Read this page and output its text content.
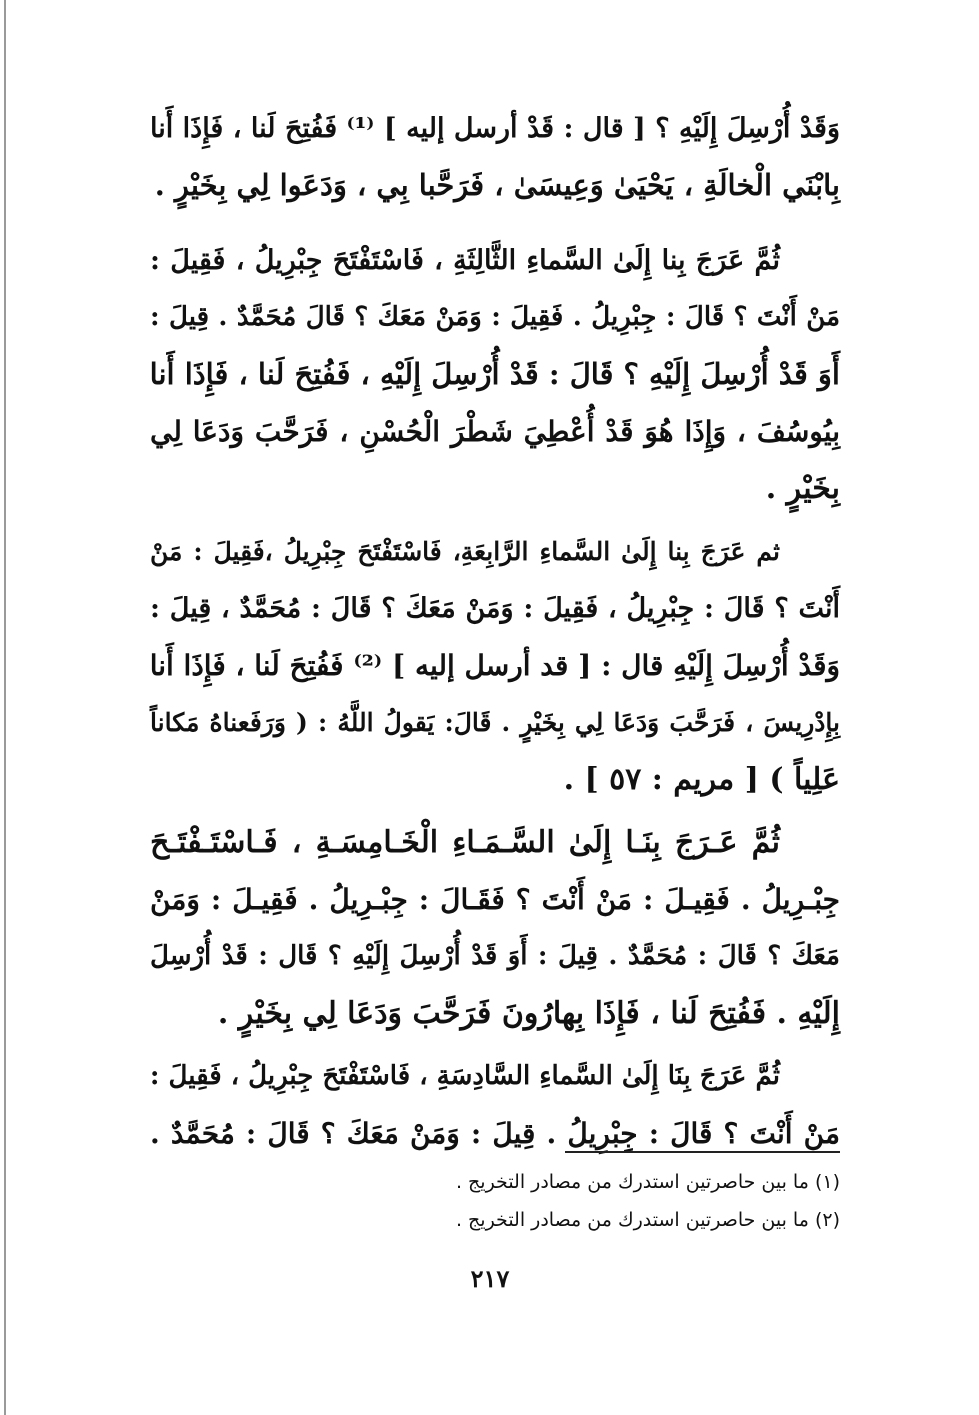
وَقَدْ أُرْسِلَ إِلَيْهِ ؟ [ قال : قَدْ أرسل إليه ] ⁽¹⁾ فَفُتِحَ لَنا ، فَإِذَا أَنا
بِابْنَي الْخالَةِ ، يَحْيَىٰ وَعِيسَىٰ ، فَرَحَّبا بِي ، وَدَعَوا لِي بِخَيْرٍ .

ثُمَّ عَرَجَ بِنا إِلَىٰ السَّماءِ الثَّالِثَةِ ، فَاسْتَفْتَحَ جِبْرِيلُ ، فَقِيلَ :
مَنْ أَنْتَ ؟ قَالَ : جِبْرِيلُ . فَقِيلَ : وَمَنْ مَعَكَ ؟ قَالَ مُحَمَّدٌ . قِيلَ :
أَوَ قَدْ أُرْسِلَ إِلَيْهِ ؟ قَالَ : قَدْ أُرْسِلَ إِلَيْهِ ، فَفُتِحَ لَنا ، فَإِذَا أَنا
بِيُوسُفَ ، وَإِذَا هُوَ قَدْ أُعْطِيَ شَطْرَ الْحُسْنِ ، فَرَحَّبَ وَدَعَا لِي
بِخَيْرٍ .

ثم عَرَجَ بِنا إِلَىٰ السَّماءِ الرَّابِعَةِ، فَاسْتَفْتَحَ جِبْرِيلُ ،فَقِيلَ : مَنْ
أَنْتَ ؟ قَالَ : جِبْرِيلُ ، فَقِيلَ : وَمَنْ مَعَكَ ؟ قَالَ : مُحَمَّدٌ ، قِيلَ :
وَقَدْ أُرْسِلَ إِلَيْهِ قال : [ قد أرسل إليه ] ⁽²⁾ فَفُتِحَ لَنا ، فَإِذَا أَنا
بِإِدْرِيسَ ، فَرَحَّبَ وَدَعَا لِي بِخَيْرٍ . قَالَ: يَقولُ اللَّهُ : ( وَرَفَعناهُ مَكاناً
عَلِياً ) [ مريم : ٥٧ ] .

ثُمَّ عَـرَجَ بِنَـا إِلَىٰ السَّـمَـاءِ الْخَـامِسَـةِ ، فَـاسْتَـفْتَـحَ
جِبْـرِيلُ . فَقِيـلَ : مَنْ أَنْتَ ؟ فَقَـالَ : جِبْـرِيلُ . فَقِيـلَ : وَمَنْ
مَعَكَ ؟ قَالَ : مُحَمَّدٌ . قِيلَ : أَوَ قَدْ أُرْسِلَ إِلَيْهِ ؟ قَال : قَدْ أُرْسِلَ
إِلَيْهِ . فَفُتِحَ لَنا ، فَإِذَا بِهارُونَ فَرَحَّبَ وَدَعَا لِي بِخَيْرٍ .

ثُمَّ عَرَجَ بِنَا إِلَىٰ السَّماءِ السَّادِسَةِ ، فَاسْتَفْتَحَ جِبْرِيلُ ، فَقِيلَ :
مَنْ أَنْتَ ؟ قَالَ : جِبْرِيلُ . قِيلَ : وَمَنْ مَعَكَ ؟ قَالَ : مُحَمَّدٌ .

(١) ما بين حاصرتين استدرك من مصادر التخريج .

(٢) ما بين حاصرتين استدرك من مصادر التخريج .

٢١٧
